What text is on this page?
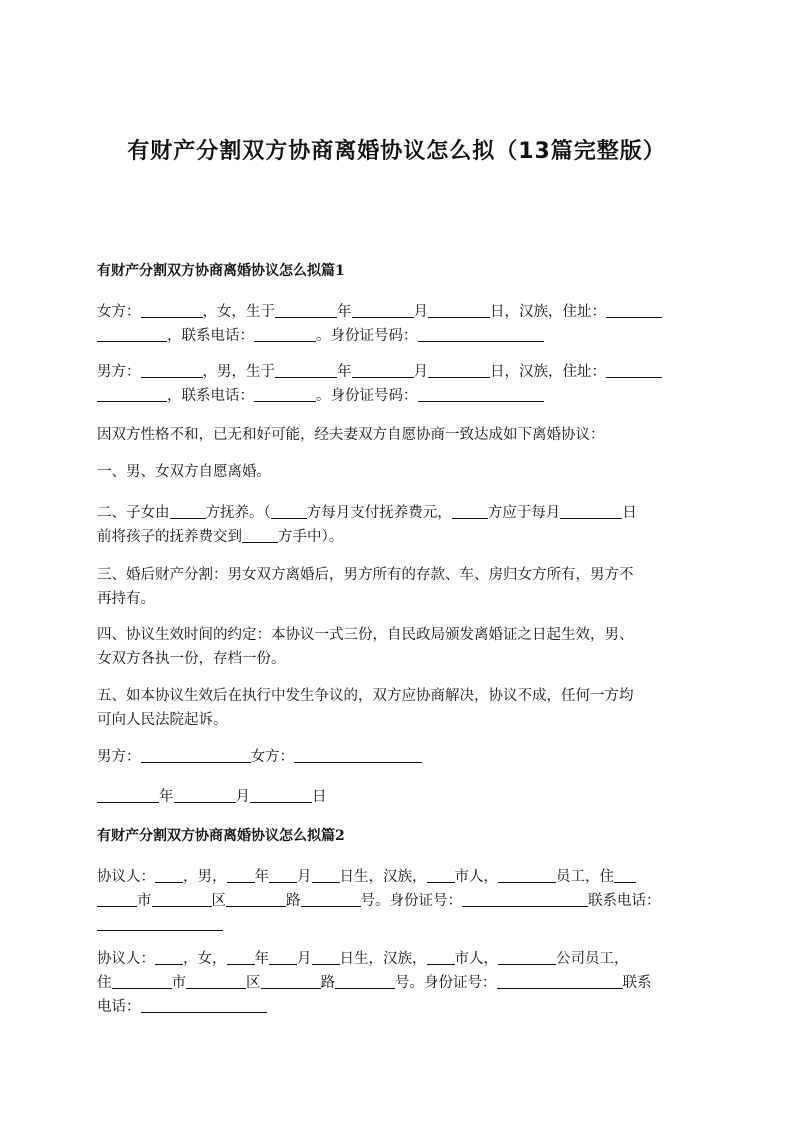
有财产分割双方协商离婚协议怎么拟（13篇完整版）
有财产分割双方协商离婚协议怎么拟篇1
女方：	，女，生于	年	月	日，汉族，住址：
，联系电话：	。身份证号码：
男方：	，男，生于	年	月	日，汉族，住址：
，联系电话：	。身份证号码：
因双方性格不和，已无和好可能，经夫妻双方自愿协商一致达成如下离婚协议：
一、男、女双方自愿离婚。
二、子女由 方抚养。（ 方每月支付抚养费元， 方应于每月	日
前将孩子的抚养费交到 方手中）。
三、婚后财产分割：男女双方离婚后，男方所有的存款、车、房归女方所有，男方不
再持有。
四、协议生效时间的约定：本协议一式三份，自民政局颁发离婚证之日起生效，男、
女双方各执一份，存档一份。
五、如本协议生效后在执行中发生争议的，双方应协商解决，协议不成，任何一方均
可向人民法院起诉。
男方：	女方：
年	月	日
有财产分割双方协商离婚协议怎么拟篇2
协议人： ，男， 年 月 日生，汉族， 市人，	员工，住
市	区	路	号。身份证号：	联系电话：
协议人： ，女， 年 月 日生，汉族， 市人，	公司员工，
住	市	区	路	号。身份证号：	联系
电话：
